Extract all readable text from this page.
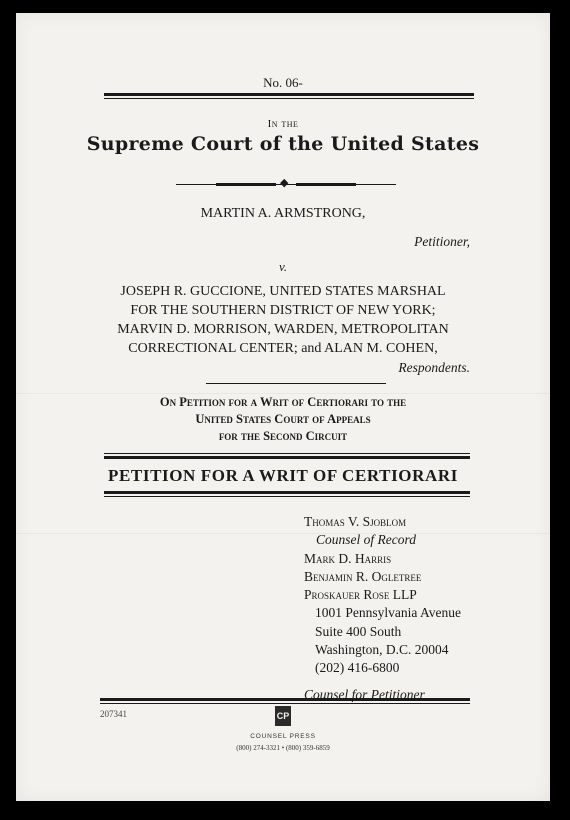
No. 06-
In the
Supreme Court of the United States
◆
MARTIN A. ARMSTRONG,
Petitioner,
v.
JOSEPH R. GUCCIONE, UNITED STATES MARSHAL
FOR THE SOUTHERN DISTRICT OF NEW YORK;
MARVIN D. MORRISON, WARDEN, METROPOLITAN
CORRECTIONAL CENTER; and ALAN M. COHEN,
Respondents.
On Petition for a Writ of Certiorari to the
United States Court of Appeals
for the Second Circuit
PETITION FOR A WRIT OF CERTIORARI
Thomas V. Sjoblom
Counsel of Record
Mark D. Harris
Benjamin R. Ogletree
Proskauer Rose LLP
1001 Pennsylvania Avenue
Suite 400 South
Washington, D.C. 20004
(202) 416-6800
Counsel for Petitioner
207341	CP
COUNSEL PRESS
(800) 274-3321 • (800) 359-6859
